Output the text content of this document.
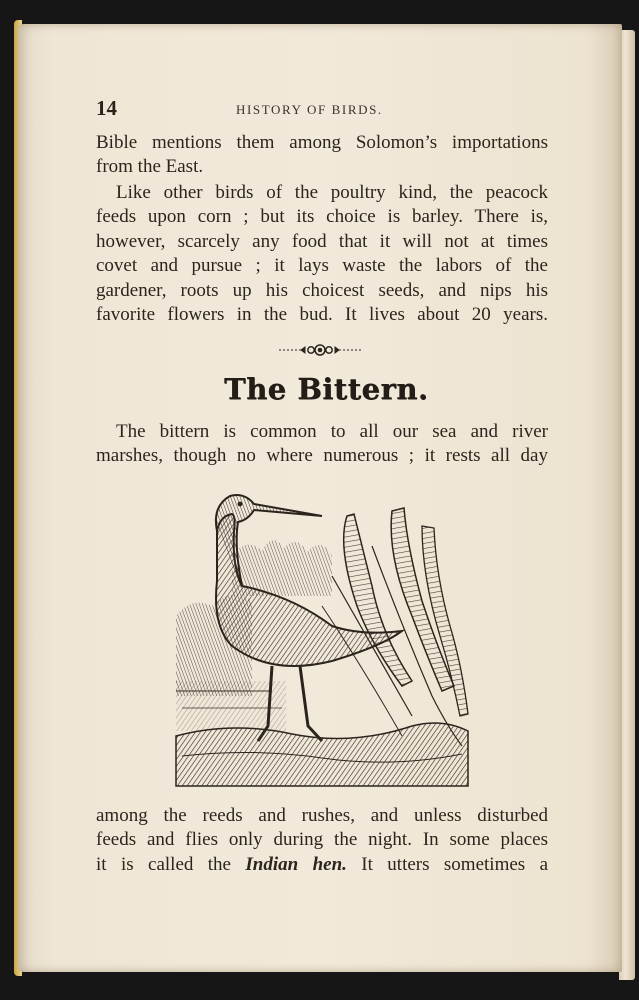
14	HISTORY OF BIRDS.
Bible mentions them among Solomon’s importations
from the East.
Like other birds of the poultry kind, the peacock
feeds upon corn ; but its choice is barley. There is,
however, scarcely any food that it will not at times
covet and pursue ; it lays waste the labors of the
gardener, roots up his choicest seeds, and nips his
favorite flowers in the bud. It lives about 20 years.
The Bittern.
The bittern is common to all our sea and river
marshes, though no where numerous ; it rests all day
among the reeds and rushes, and unless disturbed
feeds and flies only during the night. In some places
it is called the Indian hen. It utters sometimes a
